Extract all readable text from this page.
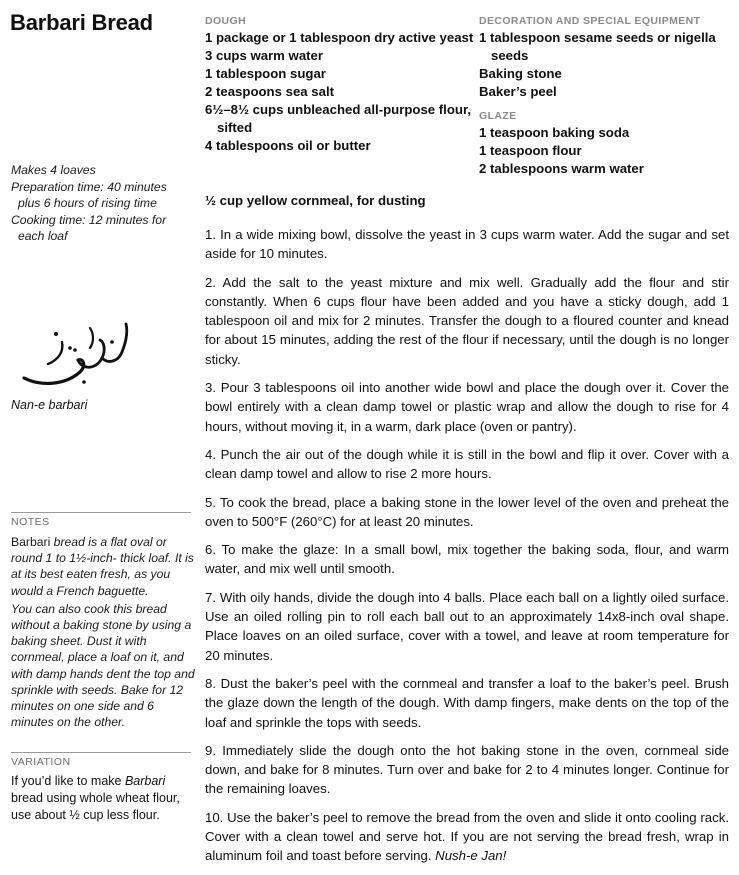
Barbari Bread
Makes 4 loaves
Preparation time: 40 minutes
plus 6 hours of rising time
Cooking time: 12 minutes for
each loaf
Nan-e barbari
NOTES

Barbari bread is a flat oval or round 1 to 1½-inch- thick loaf. It is at its best eaten fresh, as you would a French baguette.

You can also cook this bread without a baking stone by using a baking sheet. Dust it with cornmeal, place a loaf on it, and with damp hands dent the top and sprinkle with seeds. Bake for 12 minutes on one side and 6 minutes on the other.

VARIATION
If you’d like to make Barbari bread using whole wheat flour, use about ½ cup less flour.
DOUGH
1 package or 1 tablespoon dry active yeast
3 cups warm water
1 tablespoon sugar
2 teaspoons sea salt
6½–8½ cups unbleached all-purpose flour, sifted
4 tablespoons oil or butter
DECORATION AND SPECIAL EQUIPMENT
1 tablespoon sesame seeds or nigella seeds
Baking stone
Baker’s peel
GLAZE
1 teaspoon baking soda
1 teaspoon flour
2 tablespoons warm water
½ cup yellow cornmeal, for dusting

1. In a wide mixing bowl, dissolve the yeast in 3 cups warm water. Add the sugar and set aside for 10 minutes.

2. Add the salt to the yeast mixture and mix well. Gradually add the flour and stir constantly. When 6 cups flour have been added and you have a sticky dough, add 1 tablespoon oil and mix for 2 minutes. Transfer the dough to a floured counter and knead for about 15 minutes, adding the rest of the flour if necessary, until the dough is no longer sticky.

3. Pour 3 tablespoons oil into another wide bowl and place the dough over it. Cover the bowl entirely with a clean damp towel or plastic wrap and allow the dough to rise for 4 hours, without moving it, in a warm, dark place (oven or pantry).

4. Punch the air out of the dough while it is still in the bowl and flip it over. Cover with a clean damp towel and allow to rise 2 more hours.

5. To cook the bread, place a baking stone in the lower level of the oven and preheat the oven to 500°F (260°C) for at least 20 minutes.

6. To make the glaze: In a small bowl, mix together the baking soda, flour, and warm water, and mix well until smooth.

7. With oily hands, divide the dough into 4 balls. Place each ball on a lightly oiled surface. Use an oiled rolling pin to roll each ball out to an approximately 14x8-inch oval shape. Place loaves on an oiled surface, cover with a towel, and leave at room temperature for 20 minutes.

8. Dust the baker’s peel with the cornmeal and transfer a loaf to the baker’s peel. Brush the glaze down the length of the dough. With damp fingers, make dents on the top of the loaf and sprinkle the tops with seeds.

9. Immediately slide the dough onto the hot baking stone in the oven, cornmeal side down, and bake for 8 minutes. Turn over and bake for 2 to 4 minutes longer. Continue for the remaining loaves.

10. Use the baker’s peel to remove the bread from the oven and slide it onto cooling rack. Cover with a clean towel and serve hot. If you are not serving the bread fresh, wrap in aluminum foil and toast before serving. Nush-e Jan!
